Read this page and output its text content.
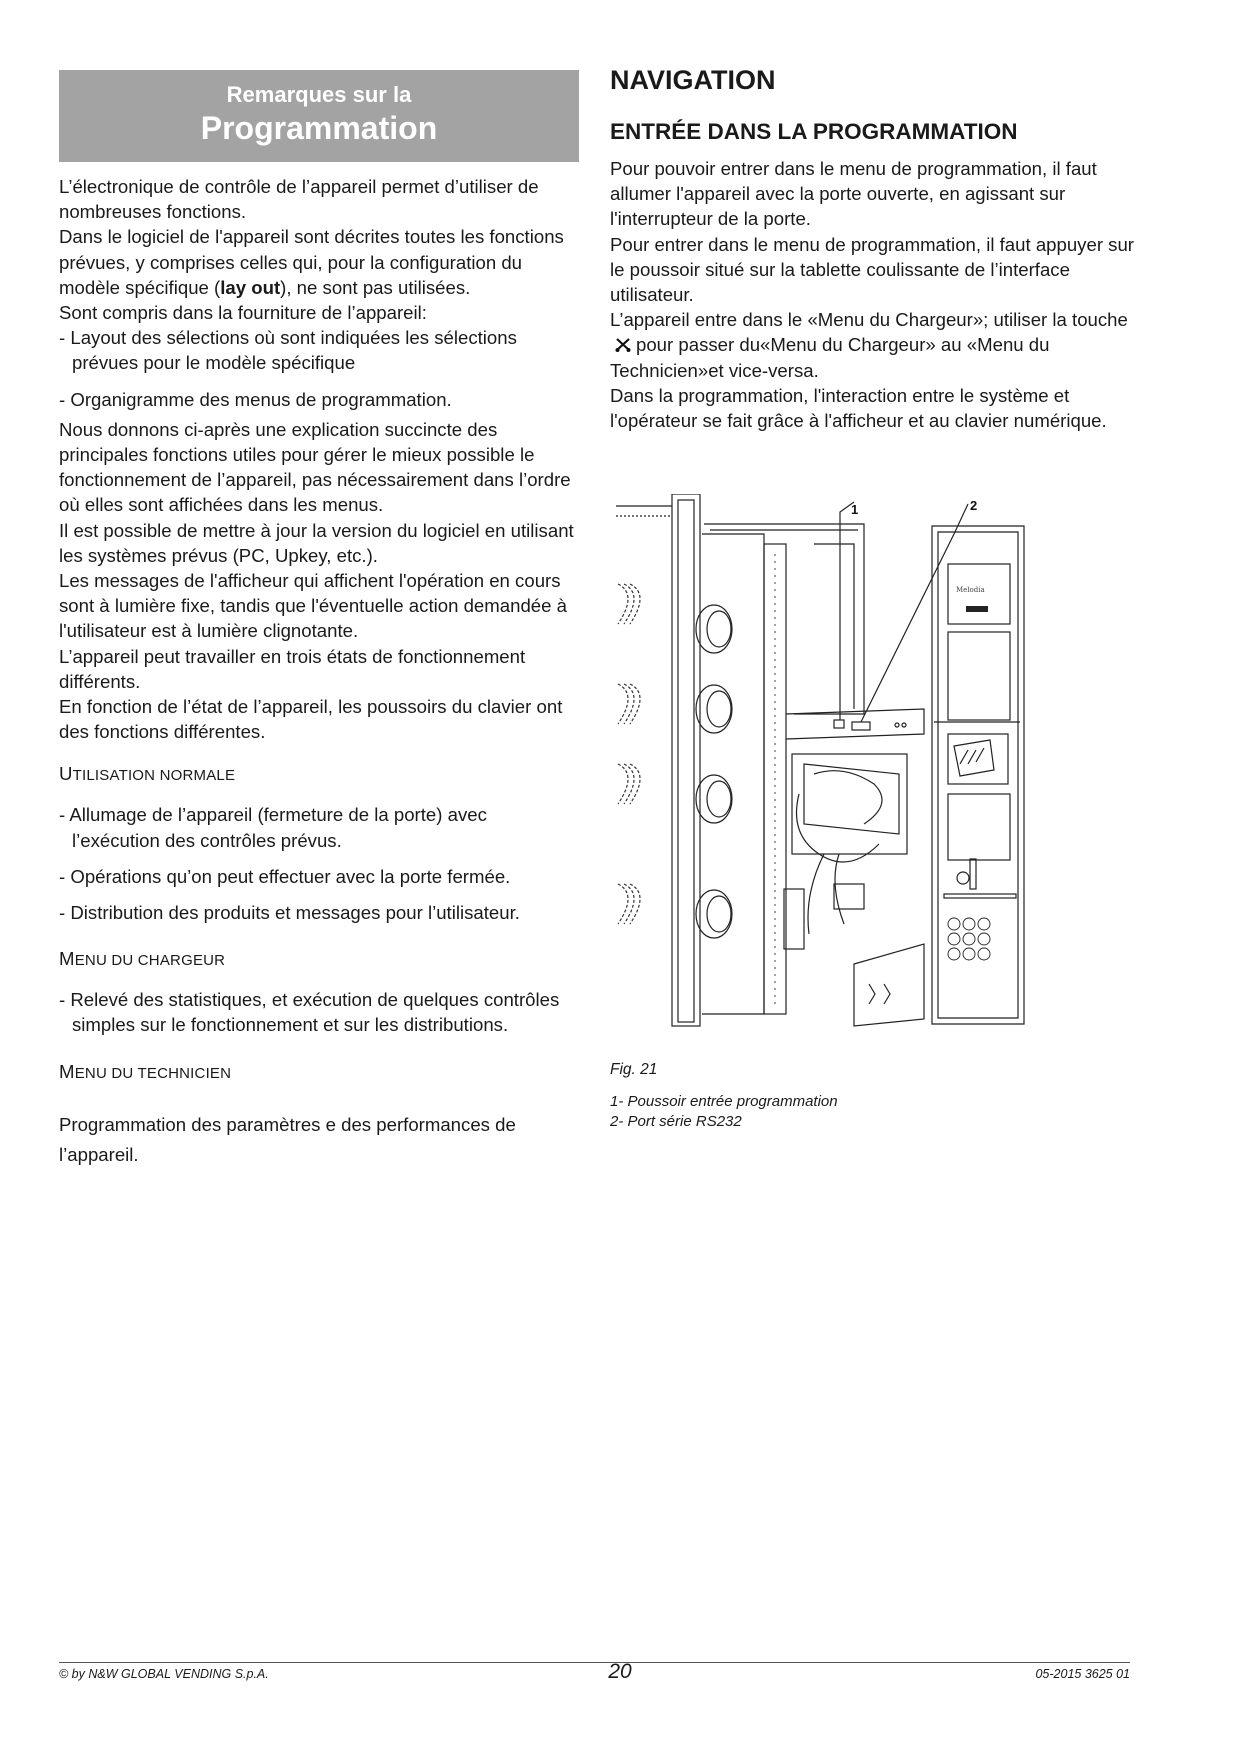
Remarques sur la
Programmation

L’électronique de contrôle de l’appareil permet d’utiliser de nombreuses fonctions.

Dans le logiciel de l'appareil sont décrites toutes les fonctions prévues, y comprises celles qui, pour la configuration du modèle spécifique (lay out), ne sont pas utilisées.

Sont compris dans la fourniture de l’appareil:

- Layout des sélections où sont indiquées les sélections prévues pour le modèle spécifique

- Organigramme des menus de programmation.

Nous donnons ci-après une explication succincte des principales fonctions utiles pour gérer le mieux possible le fonctionnement de l’appareil, pas nécessairement dans l’ordre où elles sont affichées dans les menus.

Il est possible de mettre à jour la version du logiciel en utilisant les systèmes prévus (PC, Upkey, etc.).

Les messages de l'afficheur qui affichent l'opération en cours sont à lumière fixe, tandis que l'éventuelle action demandée à l'utilisateur est à lumière clignotante.

L’appareil peut travailler en trois états de fonctionnement différents.

En fonction de l’état de l’appareil, les poussoirs du clavier ont des fonctions différentes.

UTILISATION NORMALE

- Allumage de l’appareil (fermeture de la porte) avec l’exécution des contrôles prévus.

- Opérations qu’on peut effectuer avec la porte fermée.

- Distribution des produits et messages pour l’utilisateur.

MENU DU CHARGEUR

- Relevé des statistiques, et exécution de quelques contrôles simples sur le fonctionnement et sur les distributions.

MENU DU TECHNICIEN

Programmation des paramètres e des performances de l’appareil.

NAVIGATION
ENTRÉE DANS LA PROGRAMMATION

Pour pouvoir entrer dans le menu de programmation, il faut allumer l'appareil avec la porte ouverte, en agissant sur l'interrupteur de la porte.

Pour entrer dans le menu de programmation, il faut appuyer sur le poussoir situé sur la tablette coulissante de l’interface utilisateur.

L’appareil entre dans le «Menu du Chargeur»; utiliser la touchepour passer du«Menu du Chargeur» au «Menu du Technicien»et vice-versa.

Dans la programmation, l'interaction entre le système et l'opérateur se fait grâce à l'afficheur et au clavier numérique.

Melodia
1	2

Fig. 21

1- Poussoir entrée programmation

2- Port série RS232

© by N&W GLOBAL VENDING S.p.A.	20	05-2015 3625 01
